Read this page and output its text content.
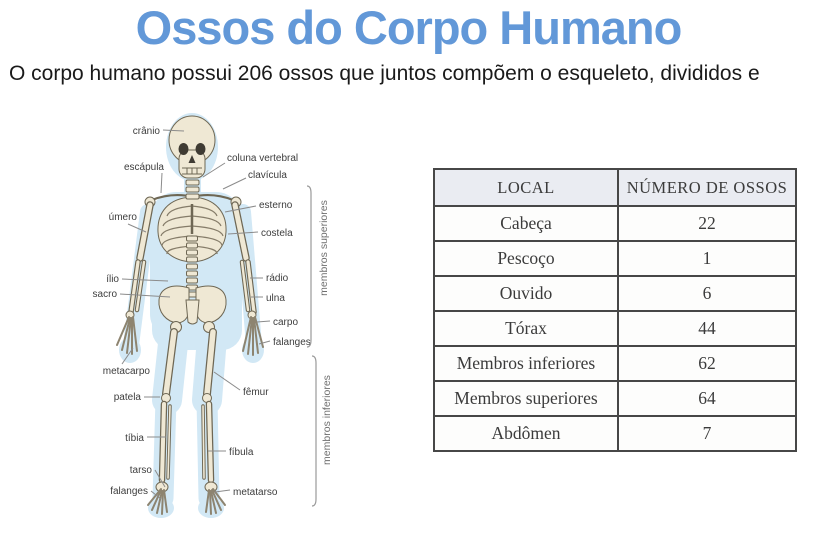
Ossos do Corpo Humano

O corpo humano possui 206 ossos que juntos compõem o esqueleto, divididos e

crânio
escápula
úmero
ílio
sacro
metacarpo
patela
tíbia
tarso
falanges
coluna vertebral
clavícula
esterno
costela
rádio
ulna
carpo
falanges
fêmur
fíbula
metatarso
membros superiores
membros inferiores
LOCAL	NÚMERO DE OSSOS
Cabeça	22
Pescoço	1
Ouvido	6
Tórax	44
Membros inferiores	62
Membros superiores	64
Abdômen	7
